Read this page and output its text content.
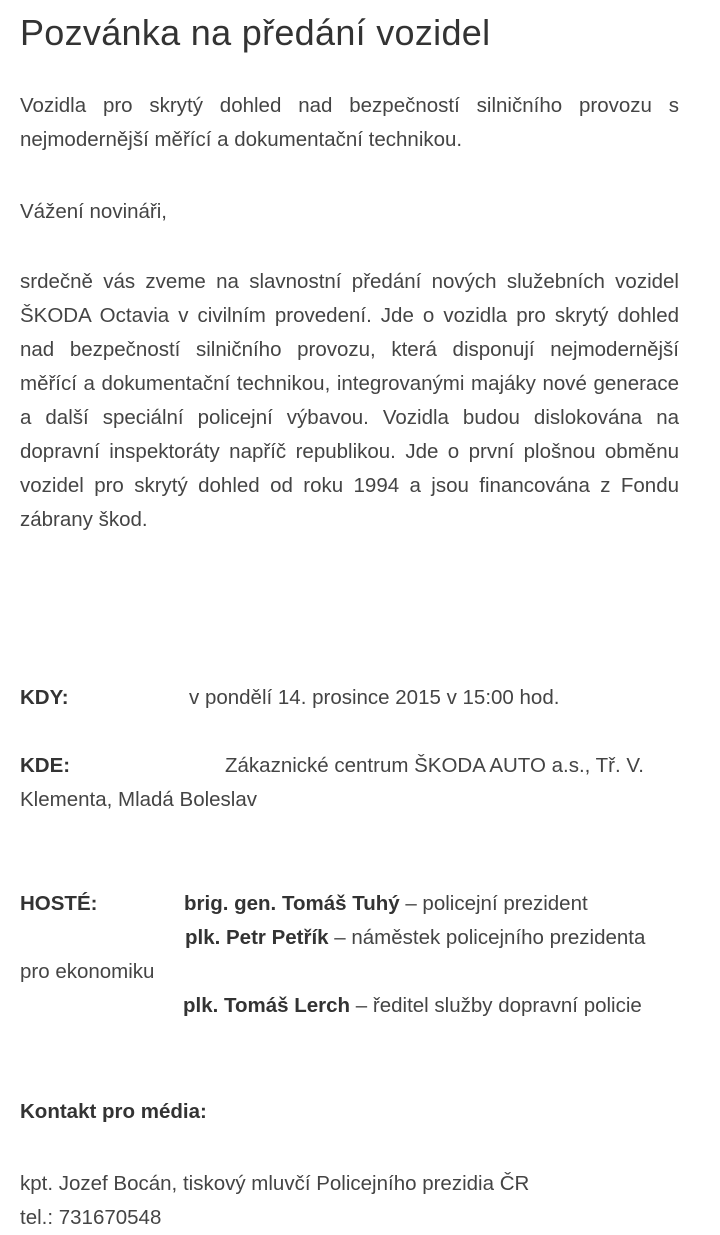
Pozvánka na předání vozidel

Vozidla pro skrytý dohled nad bezpečností silničního provozu s nejmodernější měřící a dokumentační technikou.

Vážení novináři,

srdečně vás zveme na slavnostní předání nových služebních vozidel ŠKODA Octavia v civilním provedení. Jde o vozidla pro skrytý dohled nad bezpečností silničního provozu, která disponují nejmodernější měřící a dokumentační technikou, integrovanými majáky nové generace a další speciální policejní výbavou. Vozidla budou dislokována na dopravní inspektoráty napříč republikou. Jde o první plošnou obměnu vozidel pro skrytý dohled od roku 1994 a jsou financována z Fondu zábrany škod.

KDY:	v pondělí 14. prosince 2015 v 15:00 hod.
KDE:	Zákaznické centrum ŠKODA AUTO a.s., Tř. V.
Klementa, Mladá Boleslav
HOSTÉ:	brig. gen. Tomáš Tuhý – policejní prezident
plk. Petr Petřík – náměstek policejního prezidenta
pro ekonomiku
plk. Tomáš Lerch – ředitel služby dopravní policie
Kontakt pro média:
kpt. Jozef Bocán, tiskový mluvčí Policejního prezidia ČR
tel.: 731670548
